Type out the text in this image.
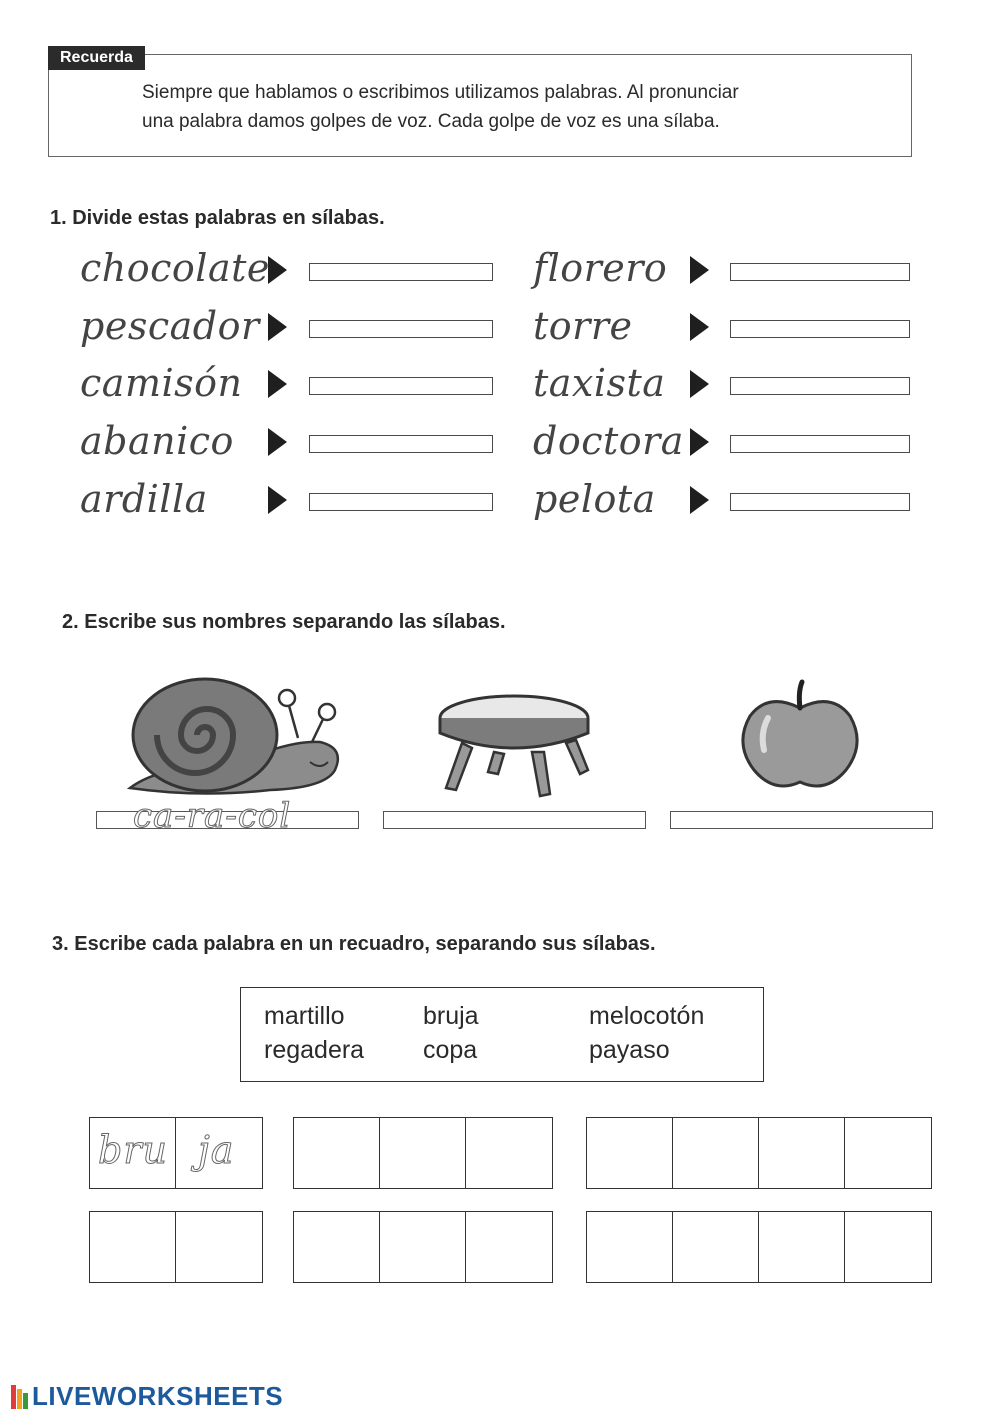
Recuerda
Siempre que hablamos o escribimos utilizamos palabras. Al pronunciar
una palabra damos golpes de voz. Cada golpe de voz es una sílaba.
1. Divide estas palabras en sílabas.
chocolate
pescador
camisón
abanico
ardilla
florero
torre
taxista
doctora
pelota
2. Escribe sus nombres separando las sílabas.
ca-ra-col
3. Escribe cada palabra en un recuadro, separando sus sílabas.
martillo	bruja	melocotón
regadera copa	payaso
bru ja
LIVEWORKSHEETS
